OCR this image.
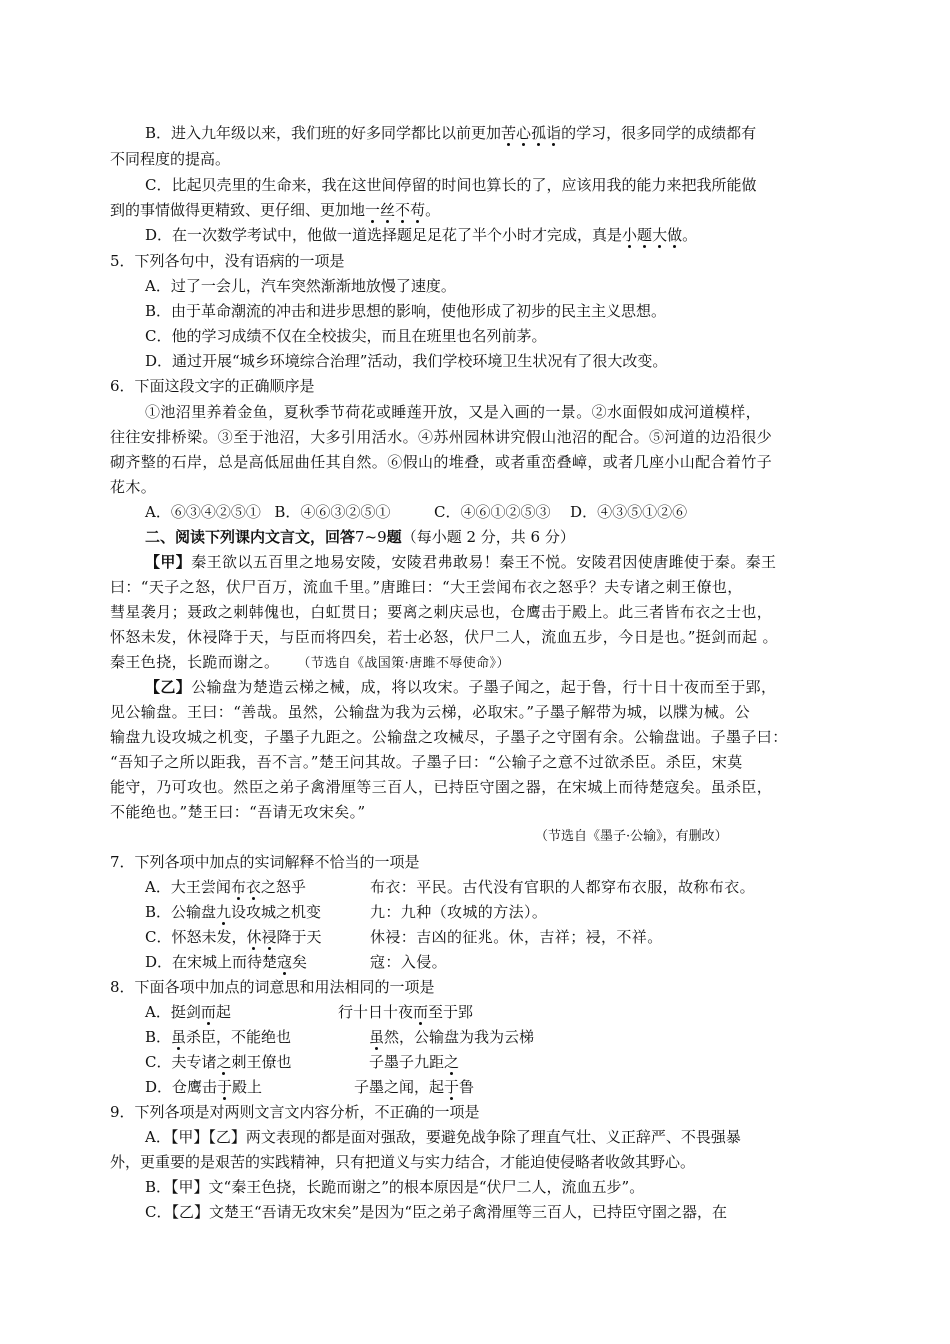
B．进入九年级以来，我们班的好多同学都比以前更加苦心孤诣的学习，很多同学的成绩都有
不同程度的提高。
C．比起贝壳里的生命来，我在这世间停留的时间也算长的了，应该用我的能力来把我所能做
到的事情做得更精致、更仔细、更加地一丝不苟。
D．在一次数学考试中，他做一道选择题足足花了半个小时才完成，真是小题大做。
5．下列各句中，没有语病的一项是
A．过了一会儿，汽车突然渐渐地放慢了速度。
B．由于革命潮流的冲击和进步思想的影响，使他形成了初步的民主主义思想。
C．他的学习成绩不仅在全校拔尖，而且在班里也名列前茅。
D．通过开展“城乡环境综合治理”活动，我们学校环境卫生状况有了很大改变。
6．下面这段文字的正确顺序是
①池沼里养着金鱼，夏秋季节荷花或睡莲开放，又是入画的一景。②水面假如成河道模样，
往往安排桥梁。③至于池沼，大多引用活水。④苏州园林讲究假山池沼的配合。⑤河道的边沿很少
砌齐整的石岸，总是高低屈曲任其自然。⑥假山的堆叠，或者重峦叠嶂，或者几座小山配合着竹子
花木。
A．⑥③④②⑤① B．④⑥③②⑤①	C．④⑥①②⑤③ D．④③⑤①②⑥
二、阅读下列课内文言文，回答7~9题（每小题 2 分，共 6 分）
【甲】秦王欲以五百里之地易安陵，安陵君弗敢易！秦王不悦。安陵君因使唐雎使于秦。秦王
曰：“天子之怒，伏尸百万，流血千里。”唐雎曰：“大王尝闻布衣之怒乎？夫专诸之刺王僚也，
彗星袭月；聂政之刺韩傀也，白虹贯日；要离之刺庆忌也，仓鹰击于殿上。此三者皆布衣之士也，
怀怒未发，休祲降于天，与臣而将四矣，若士必怒，伏尸二人，流血五步，今日是也。”挺剑而起 。
秦王色挠，长跪而谢之。 （节选自《战国策·唐雎不辱使命》）
【乙】公输盘为楚造云梯之械，成，将以攻宋。子墨子闻之，起于鲁，行十日十夜而至于郢，
见公输盘。王曰：“善哉。虽然，公输盘为我为云梯，必取宋。”子墨子解带为城，以牒为械。公
输盘九设攻城之机变，子墨子九距之。公输盘之攻械尽，子墨子之守圉有余。公输盘诎。子墨子曰：
“吾知子之所以距我，吾不言。”楚王问其故。子墨子曰：“公输子之意不过欲杀臣。杀臣，宋莫
能守，乃可攻也。然臣之弟子禽滑厘等三百人，已持臣守圉之器，在宋城上而待楚寇矣。虽杀臣，
不能绝也。”楚王曰：“吾请无攻宋矣。”
（节选自《墨子·公输》，有删改）
7．下列各项中加点的实词解释不恰当的一项是
A．大王尝闻布衣之怒乎	布衣：平民。古代没有官职的人都穿布衣服，故称布衣。
B．公输盘九设攻城之机变	九：九种（攻城的方法）。
C．怀怒未发，休祲降于天	休祲：吉凶的征兆。休，吉祥；祲，不祥。
D．在宋城上而待楚寇矣	寇：入侵。
8．下面各项中加点的词意思和用法相同的一项是
A．挺剑而起	行十日十夜而至于郢
B．虽杀臣，不能绝也	虽然，公输盘为我为云梯
C．夫专诸之刺王僚也	子墨子九距之
D．仓鹰击于殿上	子墨之闻，起于鲁
9．下列各项是对两则文言文内容分析，不正确的一项是
A．【甲】【乙】两文表现的都是面对强敌，要避免战争除了理直气壮、义正辞严、不畏强暴
外，更重要的是艰苦的实践精神，只有把道义与实力结合，才能迫使侵略者收敛其野心。
B．【甲】文“秦王色挠，长跪而谢之”的根本原因是“伏尸二人，流血五步”。
C．【乙】文楚王“吾请无攻宋矣”是因为“臣之弟子禽滑厘等三百人，已持臣守圉之器，在
